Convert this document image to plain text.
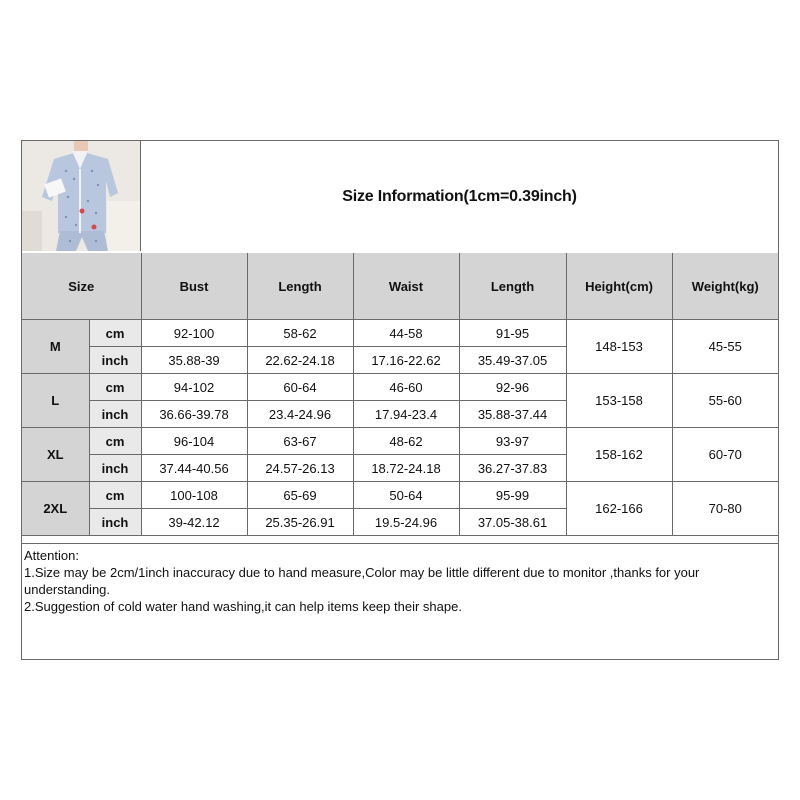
Size Information(1cm=0.39inch)
Size		Bust	Length	Waist	Length	Height(cm)	Weight(kg)
M	cm	92-100	58-62	44-58	91-95	148-153	45-55
	inch	35.88-39	22.62-24.18	17.16-22.62	35.49-37.05		
L	cm	94-102	60-64	46-60	92-96	153-158	55-60
	inch	36.66-39.78	23.4-24.96	17.94-23.4	35.88-37.44		
XL	cm	96-104	63-67	48-62	93-97	158-162	60-70
	inch	37.44-40.56	24.57-26.13	18.72-24.18	36.27-37.83		
2XL	cm	100-108	65-69	50-64	95-99	162-166	70-80
	inch	39-42.12	25.35-26.91	19.5-24.96	37.05-38.61		
Attention:
1.Size may be 2cm/1inch inaccuracy due to hand measure,Color may be little different due to monitor ,thanks for your understanding.
2.Suggestion of cold water hand washing,it can help items keep their shape.
